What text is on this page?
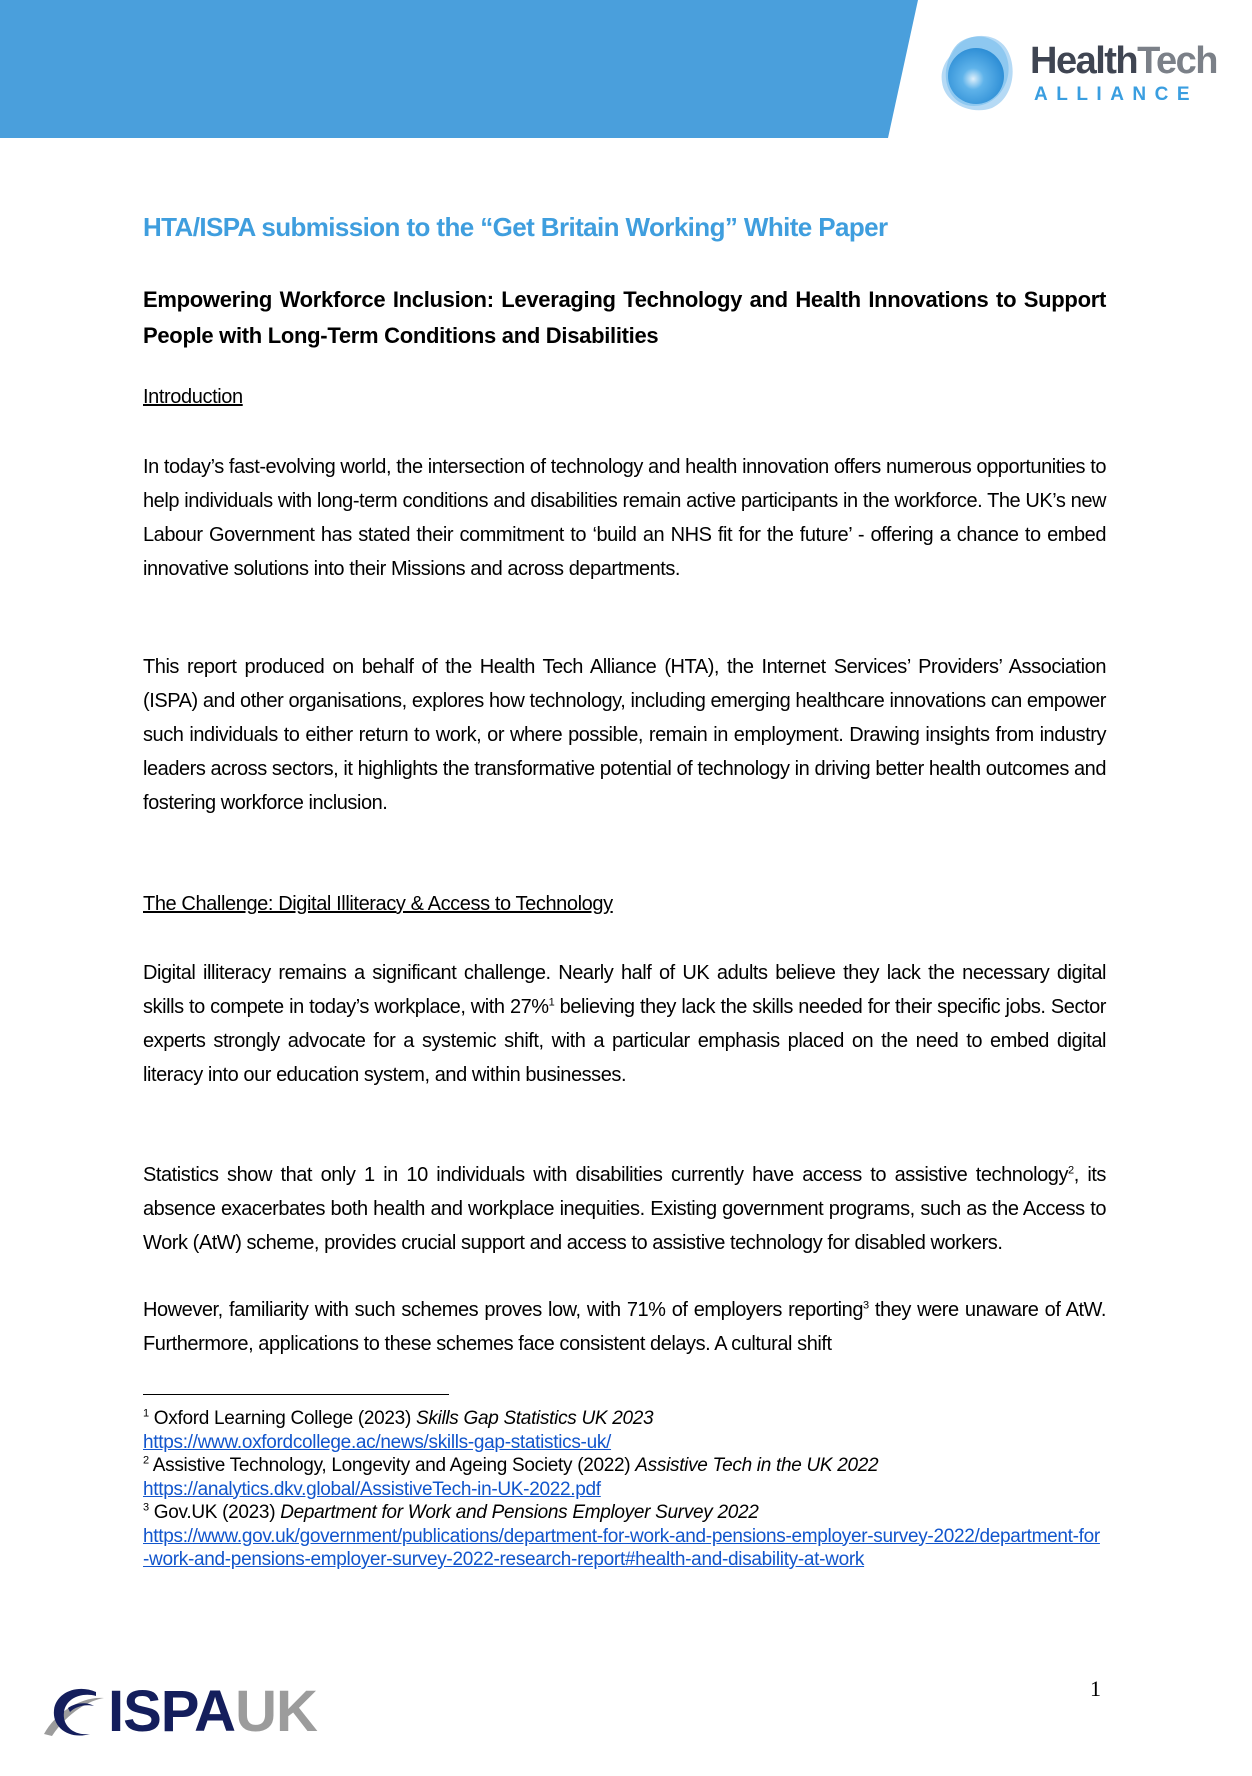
HealthTech
ALLIANCE
HTA/ISPA submission to the “Get Britain Working” White Paper
Empowering Workforce Inclusion: Leveraging Technology and Health Innovations to Support People with Long-Term Conditions and Disabilities
Introduction
In today’s fast-evolving world, the intersection of technology and health innovation offers numerous opportunities to help individuals with long-term conditions and disabilities remain active participants in the workforce. The UK’s new Labour Government has stated their commitment to ‘build an NHS fit for the future’ - offering a chance to embed innovative solutions into their Missions and across departments.
This report produced on behalf of the Health Tech Alliance (HTA), the Internet Services’ Providers’ Association (ISPA) and other organisations, explores how technology, including emerging healthcare innovations can empower such individuals to either return to work, or where possible, remain in employment. Drawing insights from industry leaders across sectors, it highlights the transformative potential of technology in driving better health outcomes and fostering workforce inclusion.
The Challenge: Digital Illiteracy & Access to Technology
Digital illiteracy remains a significant challenge. Nearly half of UK adults believe they lack the necessary digital skills to compete in today’s workplace, with 27%$^1$ believing they lack the skills needed for their specific jobs. Sector experts strongly advocate for a systemic shift, with a particular emphasis placed on the need to embed digital literacy into our education system, and within businesses.
Statistics show that only 1 in 10 individuals with disabilities currently have access to assistive technology$^2$, its absence exacerbates both health and workplace inequities. Existing government programs, such as the Access to Work (AtW) scheme, provides crucial support and access to assistive technology for disabled workers.
However, familiarity with such schemes proves low, with 71% of employers reporting$^3$ they were unaware of AtW. Furthermore, applications to these schemes face consistent delays. A cultural shift
$^1$ Oxford Learning College (2023) Skills Gap Statistics UK 2023
https://www.oxfordcollege.ac/news/skills-gap-statistics-uk/
$^2$ Assistive Technology, Longevity and Ageing Society (2022) Assistive Tech in the UK 2022
https://analytics.dkv.global/AssistiveTech-in-UK-2022.pdf
$^3$ Gov.UK (2023) Department for Work and Pensions Employer Survey 2022
https://www.gov.uk/government/publications/department-for-work-and-pensions-employer-survey-2022/department-for-work-and-pensions-employer-survey-2022-research-report#health-and-disability-at-work
ISPAUK	1
